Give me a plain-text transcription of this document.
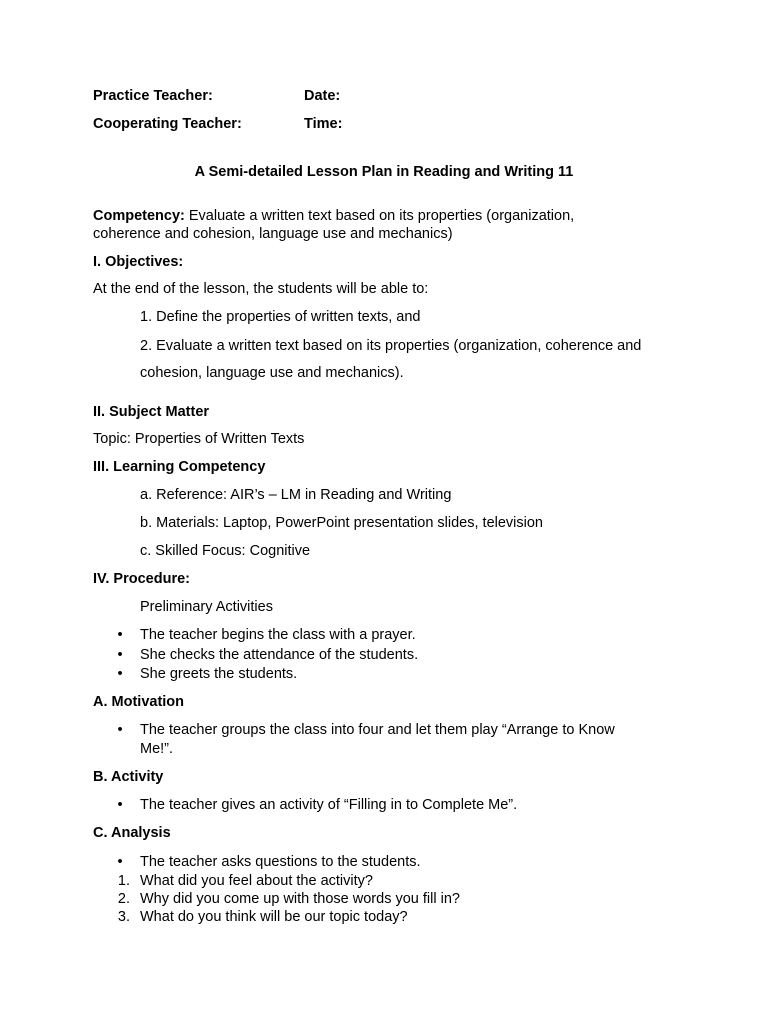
Practice Teacher:	Date:
Cooperating Teacher:	Time:
A Semi-detailed Lesson Plan in Reading and Writing 11
Competency: Evaluate a written text based on its properties (organization,
coherence and cohesion, language use and mechanics)
I. Objectives:
At the end of the lesson, the students will be able to:
1. Define the properties of written texts, and
2. Evaluate a written text based on its properties (organization, coherence and
cohesion, language use and mechanics).
II. Subject Matter
Topic: Properties of Written Texts
III. Learning Competency
a. Reference: AIR’s – LM in Reading and Writing
b. Materials: Laptop, PowerPoint presentation slides, television
c. Skilled Focus: Cognitive
IV. Procedure:
Preliminary Activities
• The teacher begins the class with a prayer.
• She checks the attendance of the students.
• She greets the students.
A. Motivation
• The teacher groups the class into four and let them play “Arrange to Know
Me!”.
B. Activity
• The teacher gives an activity of “Filling in to Complete Me”.
C. Analysis
• The teacher asks questions to the students.
1. What did you feel about the activity?
2. Why did you come up with those words you fill in?
3. What do you think will be our topic today?
